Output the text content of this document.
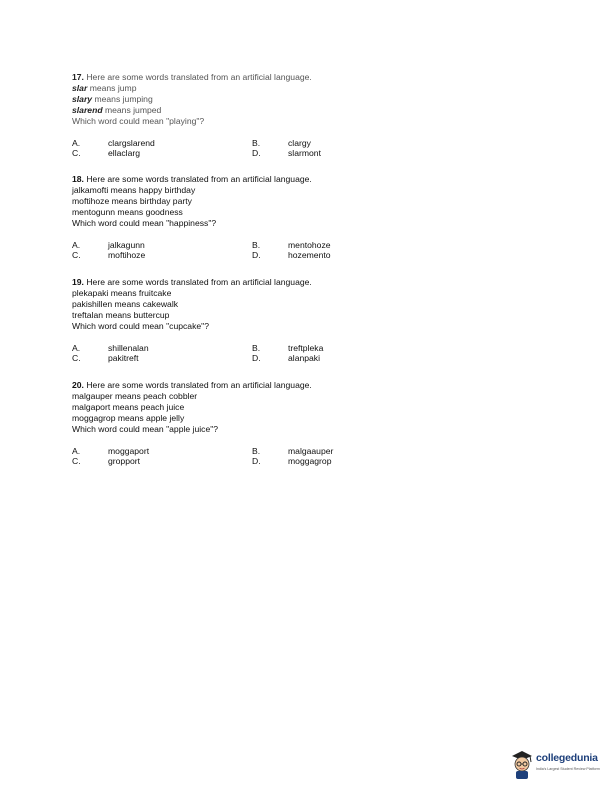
17. Here are some words translated from an artificial language.
slar means jump
slary means jumping
slarend means jumped
Which word could mean "playing"?
A.	clargslarend	B.	clargy
C.	ellaclarg	D.	slarmont
18. Here are some words translated from an artificial language.
jalkamofti means happy birthday
moftihoze means birthday party
mentogunn means goodness
Which word could mean "happiness"?
A.	jalkagunn	B.	mentohoze
C.	moftihoze	D.	hozemento
19. Here are some words translated from an artificial language.
plekapaki means fruitcake
pakishillen means cakewalk
treftalan means buttercup
Which word could mean "cupcake"?
A.	shillenalan	B.	treftpleka
C.	pakitreft	D.	alanpaki
20. Here are some words translated from an artificial language.
malgauper means peach cobbler
malgaport means peach juice
moggagrop means apple jelly
Which word could mean "apple juice"?
A.	moggaport	B.	malgaauper
C.	gropport	D.	moggagrop
collegedunia
India's Largest Student Review Platform
